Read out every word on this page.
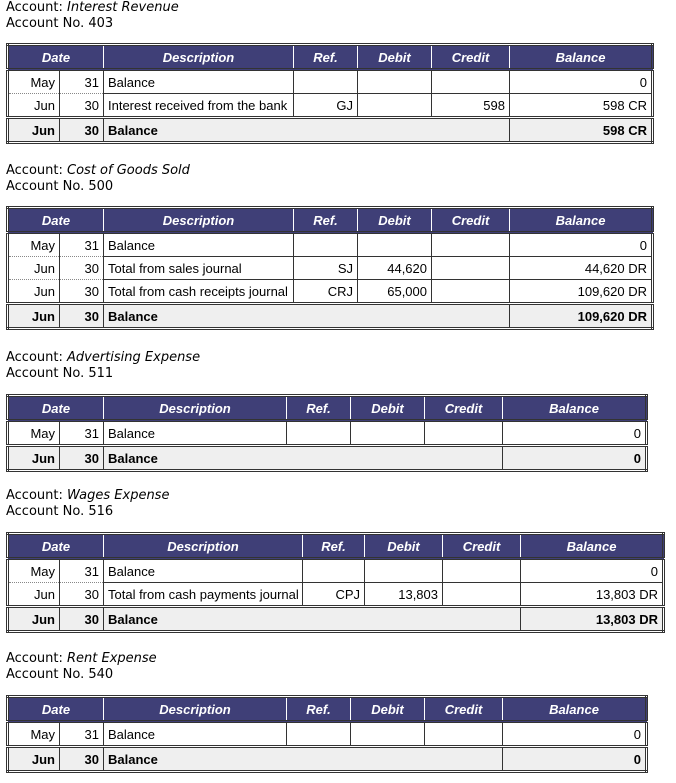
Account: Interest Revenue
Account No. 403
Date		Description	Ref.	Debit	Credit	Balance
May	31	Balance				0
Jun	30	Interest received from the bank	GJ		598	598 CR
Jun	30	Balance				598 CR
Account: Cost of Goods Sold
Account No. 500
Date		Description	Ref.	Debit	Credit	Balance
May	31	Balance				0
Jun	30	Total from sales journal	SJ	44,620		44,620 DR
Jun	30	Total from cash receipts journal	CRJ	65,000		109,620 DR
Jun	30	Balance				109,620 DR
Account: Advertising Expense
Account No. 511
Date		Description	Ref.	Debit	Credit	Balance
May	31	Balance				0
Jun	30	Balance				0
Account: Wages Expense
Account No. 516
Date		Description	Ref.	Debit	Credit	Balance
May	31	Balance				0
Jun	30	Total from cash payments journal	CPJ	13,803		13,803 DR
Jun	30	Balance				13,803 DR
Account: Rent Expense
Account No. 540
Date		Description	Ref.	Debit	Credit	Balance
May	31	Balance				0
Jun	30	Balance				0
